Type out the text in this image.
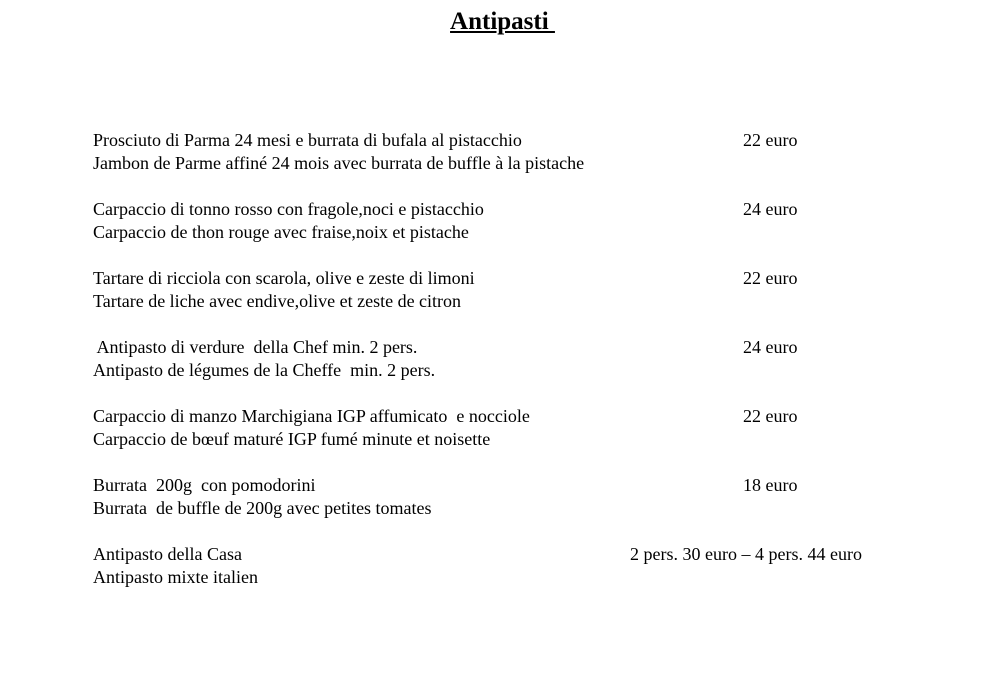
Antipasti
Prosciuto di Parma 24 mesi e burrata di bufala al pistacchio
Jambon de Parme affiné 24 mois avec burrata de buffle à la pistache
22 euro
Carpaccio di tonno rosso con fragole,noci e pistacchio
Carpaccio de thon rouge avec fraise,noix et pistache
24 euro
Tartare di ricciola con scarola, olive e zeste di limoni
Tartare de liche avec endive,olive et zeste de citron
22 euro
Antipasto di verdure  della Chef min. 2 pers.
Antipasto de légumes de la Cheffe  min. 2 pers.
24 euro
Carpaccio di manzo Marchigiana IGP affumicato  e nocciole
Carpaccio de bœuf maturé IGP fumé minute et noisette
22 euro
Burrata  200g  con pomodorini
Burrata  de buffle de 200g avec petites tomates
18 euro
Antipasto della Casa
Antipasto mixte italien
2 pers. 30 euro – 4 pers. 44 euro
